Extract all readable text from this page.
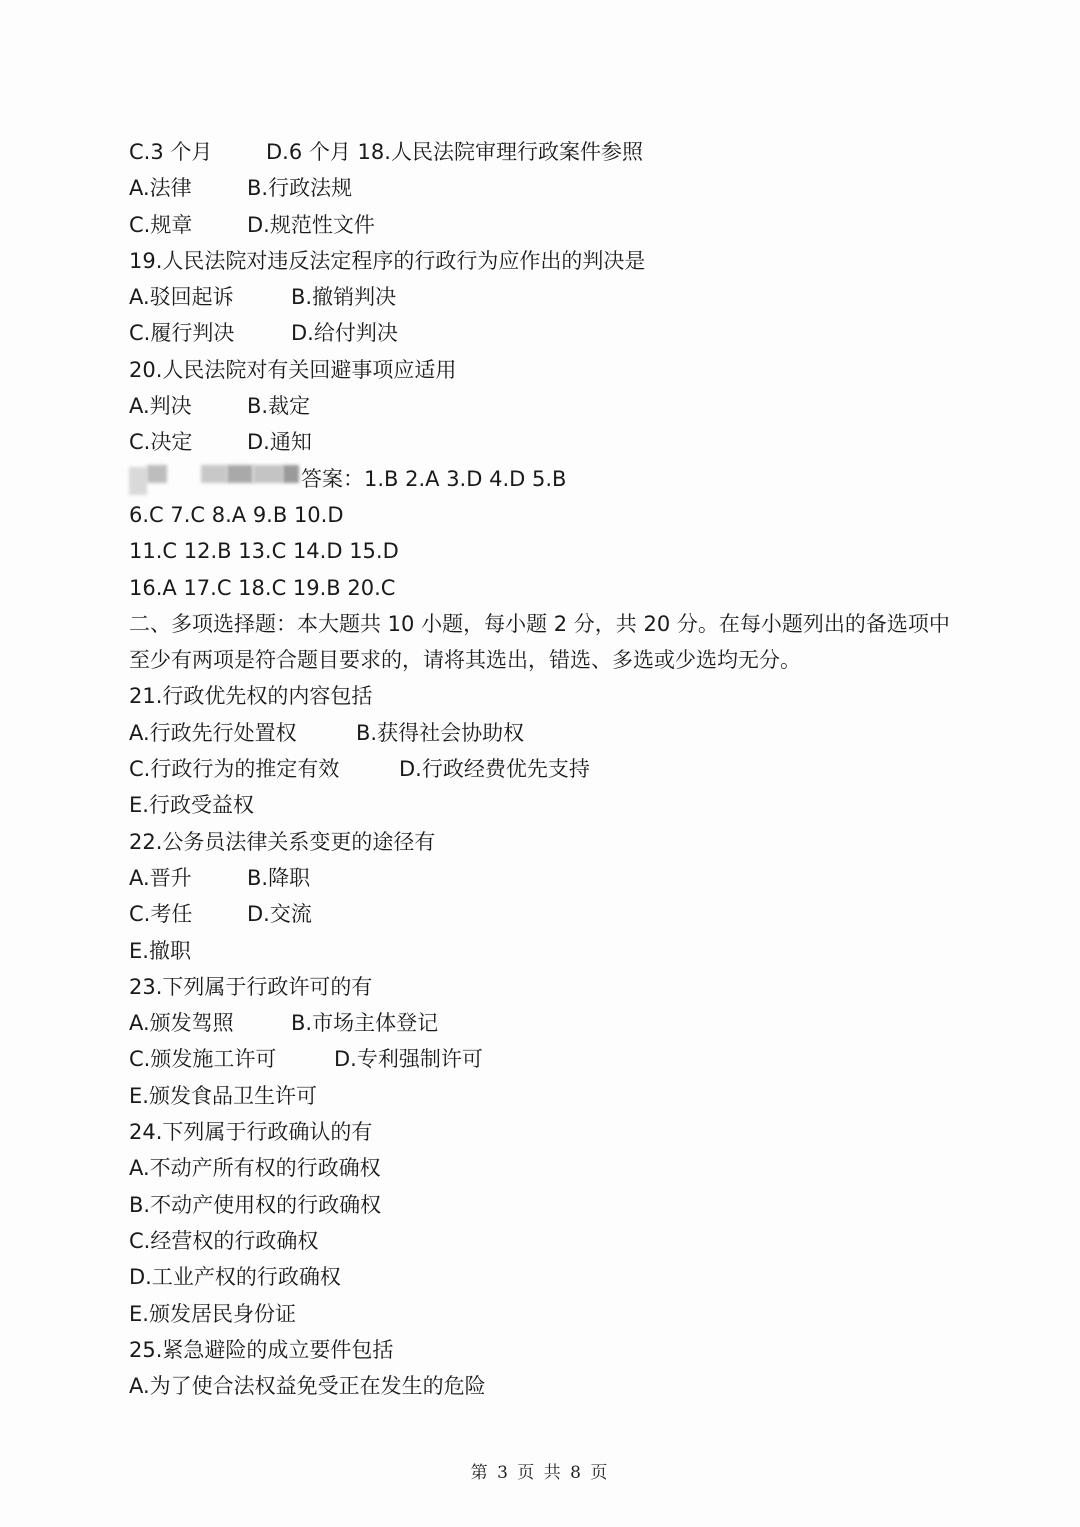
C.3 个月	D.6 个月 18.人民法院审理行政案件参照
A.法律	B.行政法规
C.规章	D.规范性文件
19.人民法院对违反法定程序的行政行为应作出的判决是
A.驳回起诉	B.撤销判决
C.履行判决	D.给付判决
20.人民法院对有关回避事项应适用
A.判决	B.裁定
C.决定	D.通知
答案：1.B 2.A 3.D 4.D 5.B
6.C 7.C 8.A 9.B 10.D
11.C 12.B 13.C 14.D 15.D
16.A 17.C 18.C 19.B 20.C
二、多项选择题：本大题共 10 小题，每小题 2 分，共 20 分。在每小题列出的备选项中至少有两项是符合题目要求的，请将其选出，错选、多选或少选均无分。
21.行政优先权的内容包括
A.行政先行处置权	B.获得社会协助权
C.行政行为的推定有效	D.行政经费优先支持
E.行政受益权
22.公务员法律关系变更的途径有
A.晋升	B.降职
C.考任	D.交流
E.撤职
23.下列属于行政许可的有
A.颁发驾照	B.市场主体登记
C.颁发施工许可	D.专利强制许可
E.颁发食品卫生许可
24.下列属于行政确认的有
A.不动产所有权的行政确权
B.不动产使用权的行政确权
C.经营权的行政确权
D.工业产权的行政确权
E.颁发居民身份证
25.紧急避险的成立要件包括
A.为了使合法权益免受正在发生的危险
第 3 页 共 8 页
